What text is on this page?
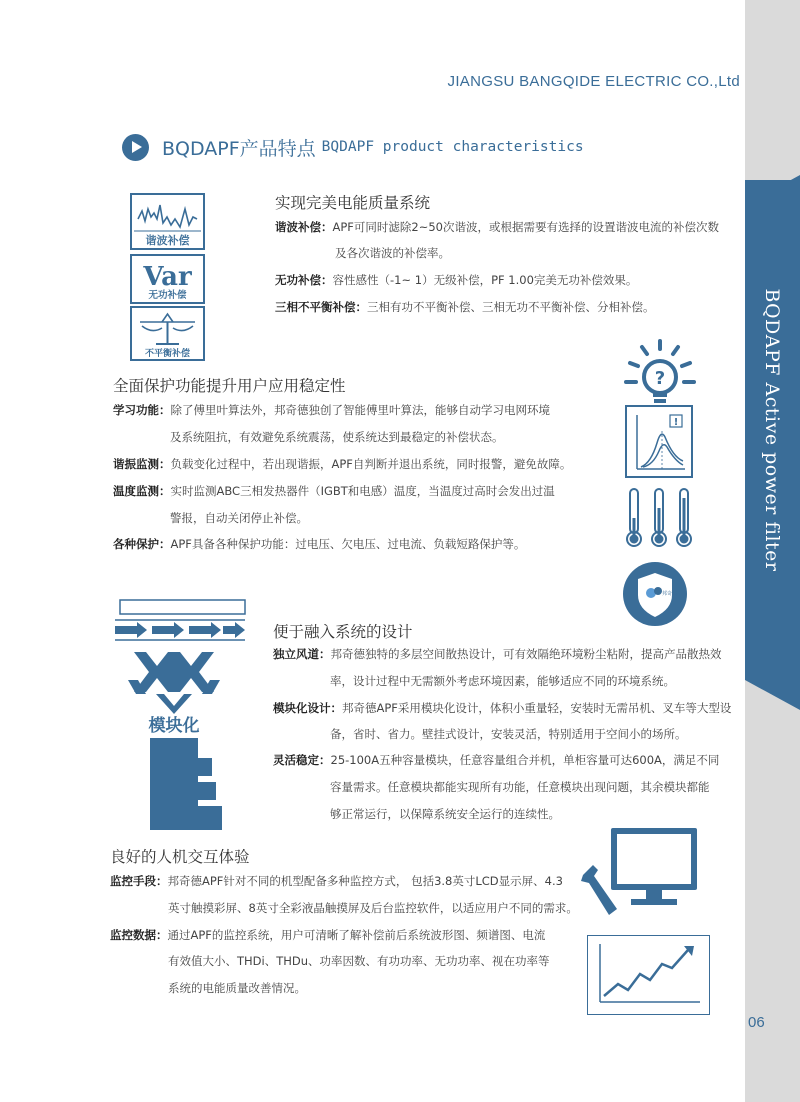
BQDAPF Active power filter
JIANGSU BANGQIDE ELECTRIC CO.,Ltd
06
BQDAPF产品特点 BQDAPF product characteristics
谐波补偿
Var
无功补偿
不平衡补偿
实现完美电能质量系统
谐波补偿：APF可同时滤除2~50次谐波，或根据需要有选择的设置谐波电流的补偿次数
及各次谐波的补偿率。
无功补偿：容性感性（-1~ 1）无级补偿，PF 1.00完美无功补偿效果。
三相不平衡补偿：三相有功不平衡补偿、三相无功不平衡补偿、分相补偿。
?
!
邦奇德
全面保护功能提升用户应用稳定性
学习功能：除了傅里叶算法外，邦奇德独创了智能傅里叶算法，能够自动学习电网环境
及系统阻抗，有效避免系统震荡，使系统达到最稳定的补偿状态。
谐振监测：负载变化过程中，若出现谐振，APF自判断并退出系统，同时报警，避免故障。
温度监测：实时监测ABC三相发热器件（IGBT和电感）温度，当温度过高时会发出过温
警报，自动关闭停止补偿。
各种保护：APF具备各种保护功能：过电压、欠电压、过电流、负载短路保护等。
模块化
便于融入系统的设计
独立风道：邦奇德独特的多层空间散热设计，可有效隔绝环境粉尘粘附，提高产品散热效
率，设计过程中无需额外考虑环境因素，能够适应不同的环境系统。
模块化设计：邦奇德APF采用模块化设计，体积小重量轻，安装时无需吊机、叉车等大型设
备，省时、省力。壁挂式设计，安装灵活，特别适用于空间小的场所。
灵活稳定：25-100A五种容量模块，任意容量组合并机，单柜容量可达600A，满足不同
容量需求。任意模块都能实现所有功能，任意模块出现问题，其余模块都能
够正常运行，以保障系统安全运行的连续性。
良好的人机交互体验
监控手段：邦奇德APF针对不同的机型配备多种监控方式， 包括3.8英寸LCD显示屏、4.3
英寸触摸彩屏、8英寸全彩液晶触摸屏及后台监控软件，以适应用户不同的需求。
监控数据：通过APF的监控系统，用户可清晰了解补偿前后系统波形图、频谱图、电流
有效值大小、THDi、THDu、功率因数、有功功率、无功功率、视在功率等
系统的电能质量改善情况。
